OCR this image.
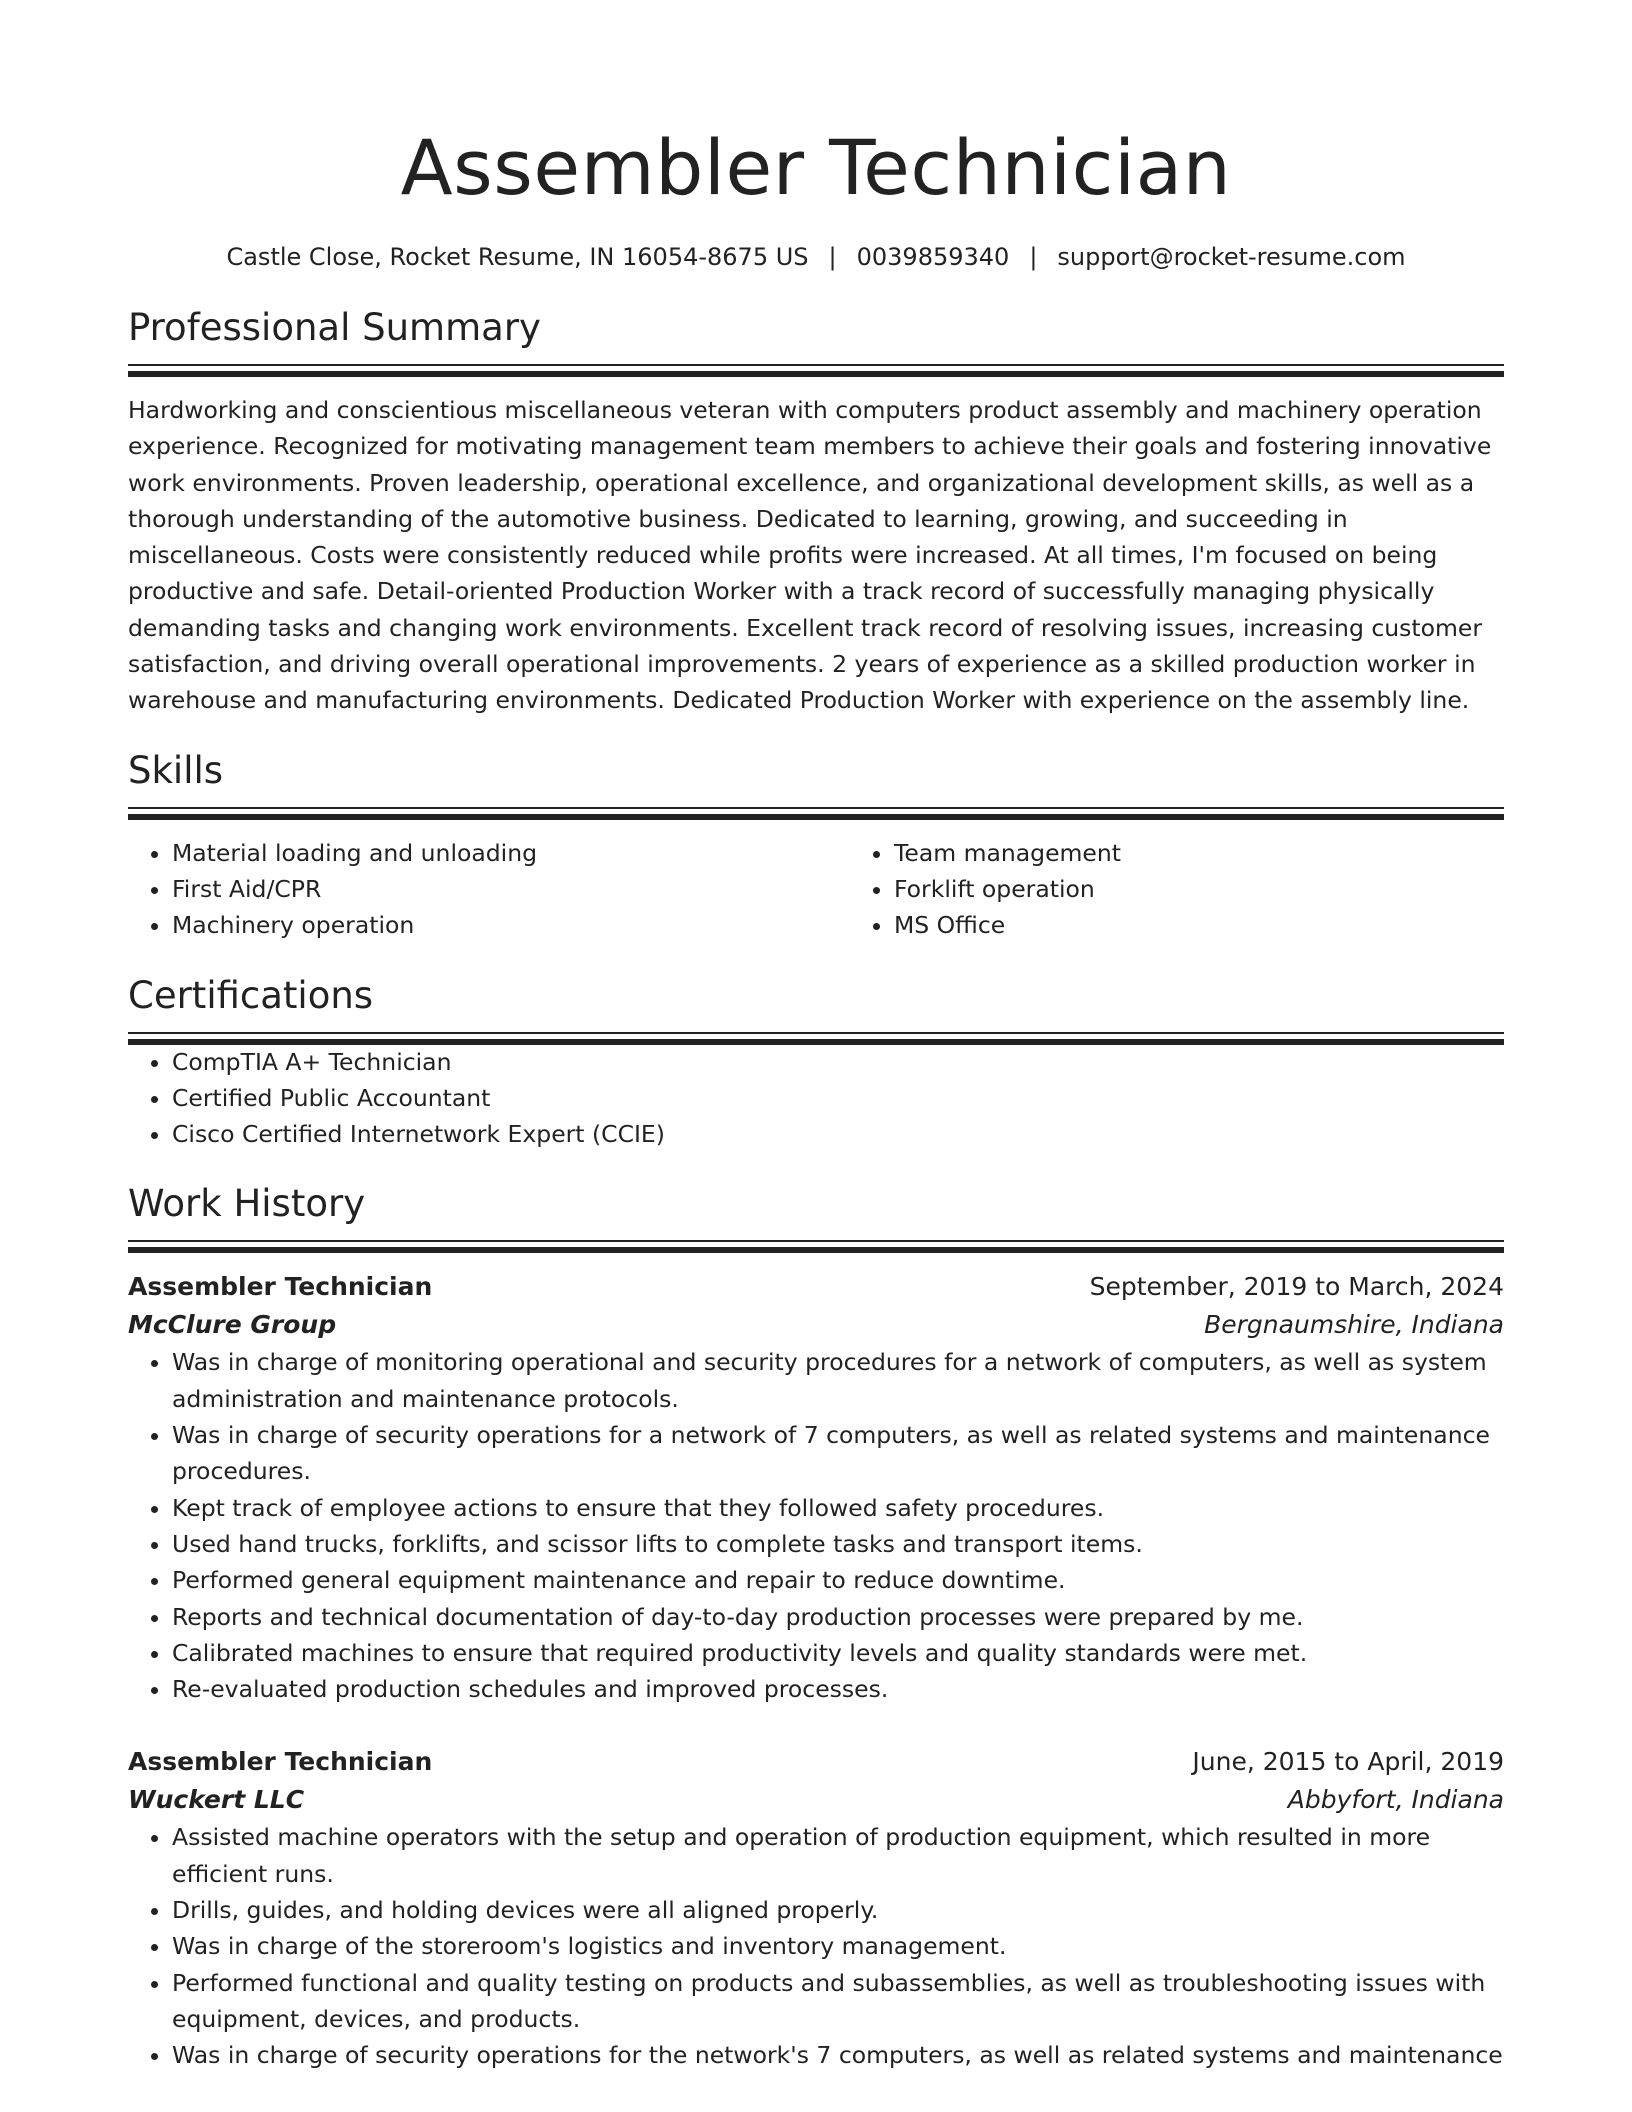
Assembler Technician
Castle Close, Rocket Resume, IN 16054-8675 US | 0039859340 | support@rocket-resume.com
Professional Summary

Hardworking and conscientious miscellaneous veteran with computers product assembly and machinery operation experience. Recognized for motivating management team members to achieve their goals and fostering innovative work environments. Proven leadership, operational excellence, and organizational development skills, as well as a thorough understanding of the automotive business. Dedicated to learning, growing, and succeeding in miscellaneous. Costs were consistently reduced while profits were increased. At all times, I'm focused on being productive and safe. Detail-oriented Production Worker with a track record of successfully managing physically demanding tasks and changing work environments. Excellent track record of resolving issues, increasing customer satisfaction, and driving overall operational improvements. 2 years of experience as a skilled production worker in warehouse and manufacturing environments. Dedicated Production Worker with experience on the assembly line.

Skills
• Material loading and unloading
• First Aid/CPR
• Machinery operation
• Team management
• Forklift operation
• MS Office
Certifications
• CompTIA A+ Technician
• Certified Public Accountant
• Cisco Certified Internetwork Expert (CCIE)
Work History
Assembler Technician	September, 2019 to March, 2024
McClure Group	Bergnaumshire, Indiana
• Was in charge of monitoring operational and security procedures for a network of computers, as well as system administration and maintenance protocols.
• Was in charge of security operations for a network of 7 computers, as well as related systems and maintenance procedures.
• Kept track of employee actions to ensure that they followed safety procedures.
• Used hand trucks, forklifts, and scissor lifts to complete tasks and transport items.
• Performed general equipment maintenance and repair to reduce downtime.
• Reports and technical documentation of day-to-day production processes were prepared by me.
• Calibrated machines to ensure that required productivity levels and quality standards were met.
• Re-evaluated production schedules and improved processes.
Assembler Technician	June, 2015 to April, 2019
Wuckert LLC	Abbyfort, Indiana
• Assisted machine operators with the setup and operation of production equipment, which resulted in more efficient runs.
• Drills, guides, and holding devices were all aligned properly.
• Was in charge of the storeroom's logistics and inventory management.
• Performed functional and quality testing on products and subassemblies, as well as troubleshooting issues with equipment, devices, and products.
• Was in charge of security operations for the network's 7 computers, as well as related systems and maintenance
